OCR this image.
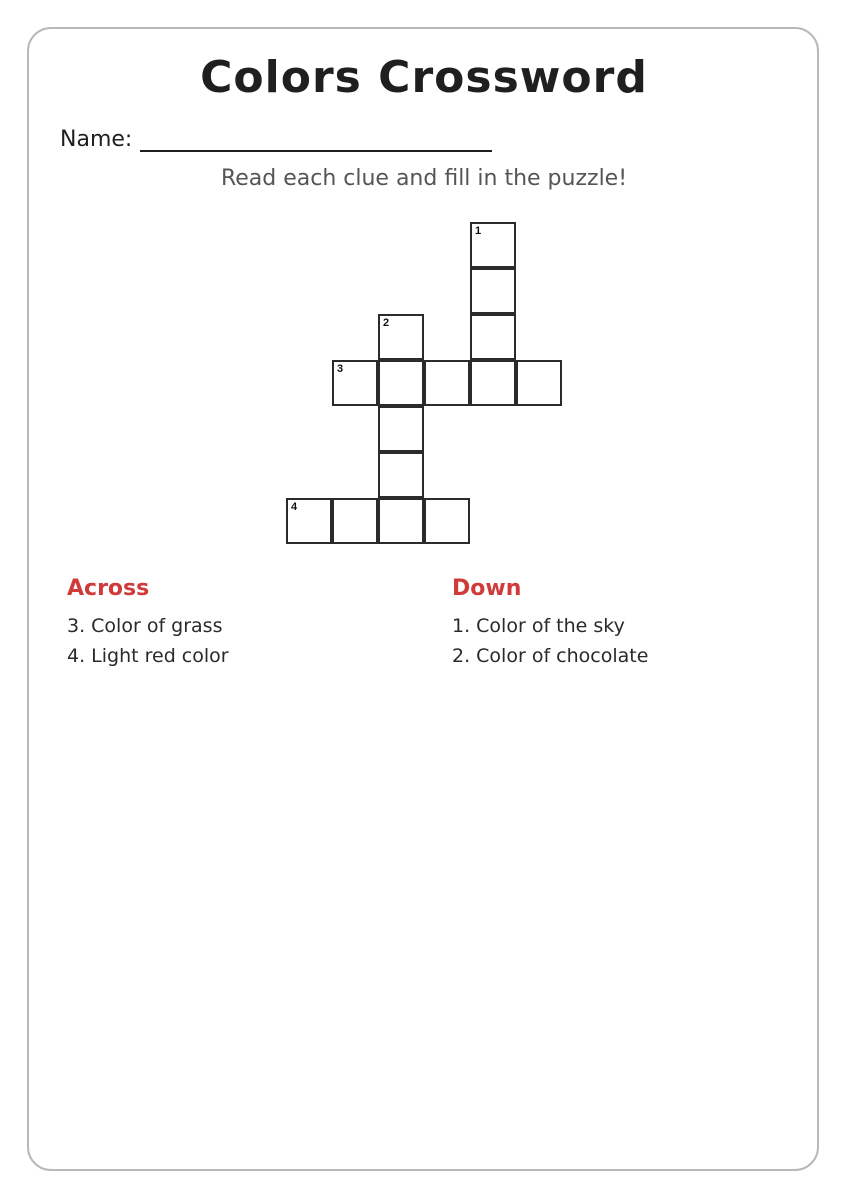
Colors Crossword
Name:
Read each clue and fill in the puzzle!
1
2
3
4
Across
3. Color of grass
4. Light red color
Down
1. Color of the sky
2. Color of chocolate
